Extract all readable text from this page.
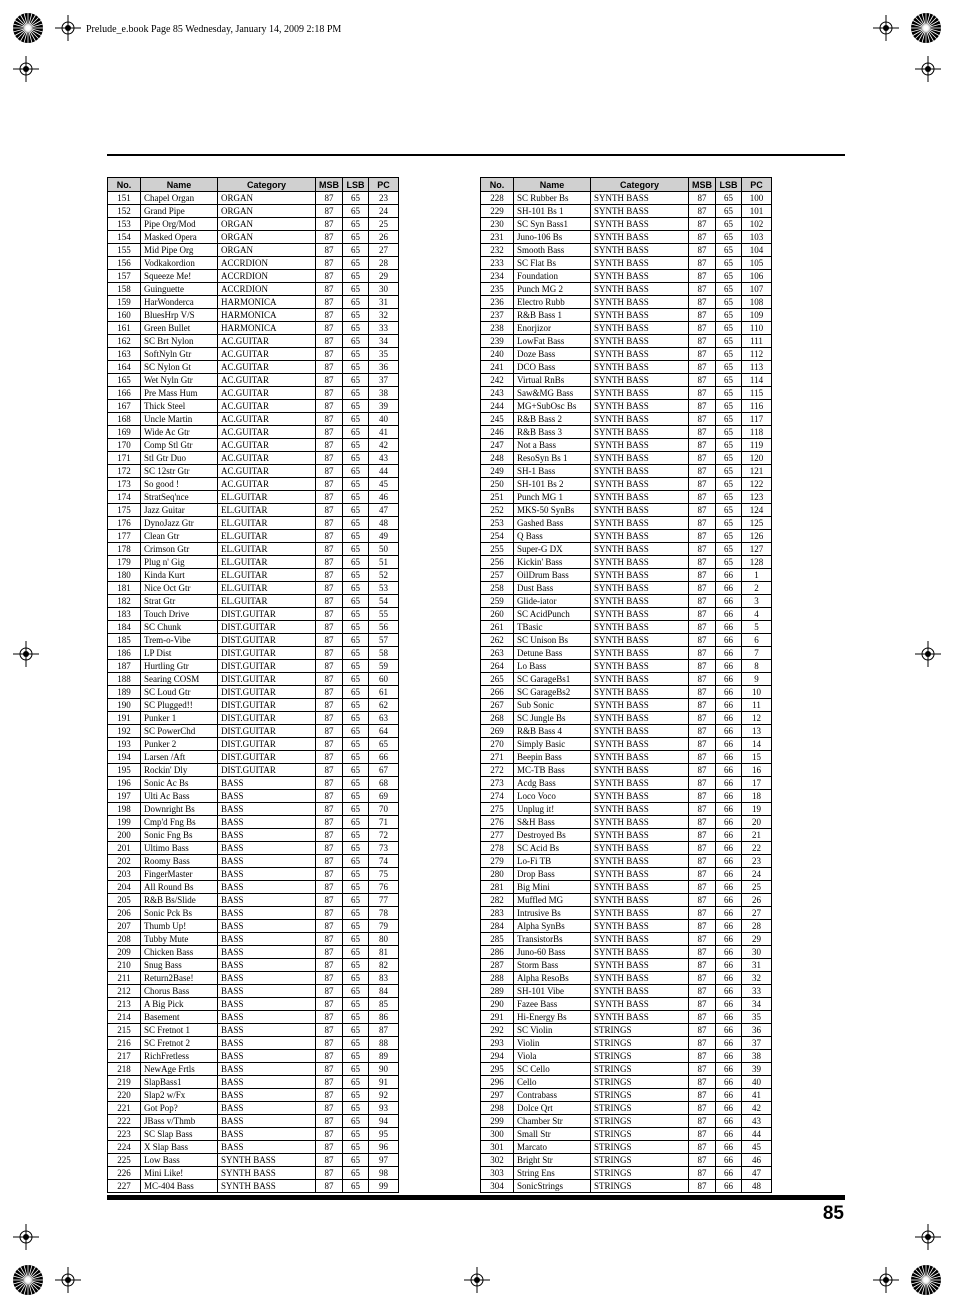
Prelude_e.book Page 85 Wednesday, January 14, 2009 2:18 PM
No.	Name	Category	MSB	LSB	PC
151	Chapel Organ	ORGAN	87	65	23
152	Grand Pipe	ORGAN	87	65	24
153	Pipe Org/Mod	ORGAN	87	65	25
154	Masked Opera	ORGAN	87	65	26
155	Mid Pipe Org	ORGAN	87	65	27
156	Vodkakordion	ACCRDION	87	65	28
157	Squeeze Me!	ACCRDION	87	65	29
158	Guinguette	ACCRDION	87	65	30
159	HarWonderca	HARMONICA	87	65	31
160	BluesHrp V/S	HARMONICA	87	65	32
161	Green Bullet	HARMONICA	87	65	33
162	SC Brt Nylon	AC.GUITAR	87	65	34
163	SoftNyln Gtr	AC.GUITAR	87	65	35
164	SC Nylon Gt	AC.GUITAR	87	65	36
165	Wet Nyln Gtr	AC.GUITAR	87	65	37
166	Pre Mass Hum	AC.GUITAR	87	65	38
167	Thick Steel	AC.GUITAR	87	65	39
168	Uncle Martin	AC.GUITAR	87	65	40
169	Wide Ac Gtr	AC.GUITAR	87	65	41
170	Comp Stl Gtr	AC.GUITAR	87	65	42
171	Stl Gtr Duo	AC.GUITAR	87	65	43
172	SC 12str Gtr	AC.GUITAR	87	65	44
173	So good !	AC.GUITAR	87	65	45
174	StratSeq'nce	EL.GUITAR	87	65	46
175	Jazz Guitar	EL.GUITAR	87	65	47
176	DynoJazz Gtr	EL.GUITAR	87	65	48
177	Clean Gtr	EL.GUITAR	87	65	49
178	Crimson Gtr	EL.GUITAR	87	65	50
179	Plug n' Gig	EL.GUITAR	87	65	51
180	Kinda Kurt	EL.GUITAR	87	65	52
181	Nice Oct Gtr	EL.GUITAR	87	65	53
182	Strat Gtr	EL.GUITAR	87	65	54
183	Touch Drive	DIST.GUITAR	87	65	55
184	SC Chunk	DIST.GUITAR	87	65	56
185	Trem-o-Vibe	DIST.GUITAR	87	65	57
186	LP Dist	DIST.GUITAR	87	65	58
187	Hurtling Gtr	DIST.GUITAR	87	65	59
188	Searing COSM	DIST.GUITAR	87	65	60
189	SC Loud Gtr	DIST.GUITAR	87	65	61
190	SC Plugged!!	DIST.GUITAR	87	65	62
191	Punker 1	DIST.GUITAR	87	65	63
192	SC PowerChd	DIST.GUITAR	87	65	64
193	Punker 2	DIST.GUITAR	87	65	65
194	Larsen /Aft	DIST.GUITAR	87	65	66
195	Rockin' Dly	DIST.GUITAR	87	65	67
196	Sonic Ac Bs	BASS	87	65	68
197	Ulti Ac Bass	BASS	87	65	69
198	Downright Bs	BASS	87	65	70
199	Cmp'd Fng Bs	BASS	87	65	71
200	Sonic Fng Bs	BASS	87	65	72
201	Ultimo Bass	BASS	87	65	73
202	Roomy Bass	BASS	87	65	74
203	FingerMaster	BASS	87	65	75
204	All Round Bs	BASS	87	65	76
205	R&B Bs/Slide	BASS	87	65	77
206	Sonic Pck Bs	BASS	87	65	78
207	Thumb Up!	BASS	87	65	79
208	Tubby Mute	BASS	87	65	80
209	Chicken Bass	BASS	87	65	81
210	Snug Bass	BASS	87	65	82
211	Return2Base!	BASS	87	65	83
212	Chorus Bass	BASS	87	65	84
213	A Big Pick	BASS	87	65	85
214	Basement	BASS	87	65	86
215	SC Fretnot 1	BASS	87	65	87
216	SC Fretnot 2	BASS	87	65	88
217	RichFretless	BASS	87	65	89
218	NewAge Frtls	BASS	87	65	90
219	SlapBass1	BASS	87	65	91
220	Slap2 w/Fx	BASS	87	65	92
221	Got Pop?	BASS	87	65	93
222	JBass v/Thmb	BASS	87	65	94
223	SC Slap Bass	BASS	87	65	95
224	X Slap Bass	BASS	87	65	96
225	Low Bass	SYNTH BASS	87	65	97
226	Mini Like!	SYNTH BASS	87	65	98
227	MC-404 Bass	SYNTH BASS	87	65	99
No.	Name	Category	MSB	LSB	PC
228	SC Rubber Bs	SYNTH BASS	87	65	100
229	SH-101 Bs 1	SYNTH BASS	87	65	101
230	SC Syn Bass1	SYNTH BASS	87	65	102
231	Juno-106 Bs	SYNTH BASS	87	65	103
232	Smooth Bass	SYNTH BASS	87	65	104
233	SC Flat Bs	SYNTH BASS	87	65	105
234	Foundation	SYNTH BASS	87	65	106
235	Punch MG 2	SYNTH BASS	87	65	107
236	Electro Rubb	SYNTH BASS	87	65	108
237	R&B Bass 1	SYNTH BASS	87	65	109
238	Enorjizor	SYNTH BASS	87	65	110
239	LowFat Bass	SYNTH BASS	87	65	111
240	Doze Bass	SYNTH BASS	87	65	112
241	DCO Bass	SYNTH BASS	87	65	113
242	Virtual RnBs	SYNTH BASS	87	65	114
243	Saw&MG Bass	SYNTH BASS	87	65	115
244	MG+SubOsc Bs	SYNTH BASS	87	65	116
245	R&B Bass 2	SYNTH BASS	87	65	117
246	R&B Bass 3	SYNTH BASS	87	65	118
247	Not a Bass	SYNTH BASS	87	65	119
248	ResoSyn Bs 1	SYNTH BASS	87	65	120
249	SH-1 Bass	SYNTH BASS	87	65	121
250	SH-101 Bs 2	SYNTH BASS	87	65	122
251	Punch MG 1	SYNTH BASS	87	65	123
252	MKS-50 SynBs	SYNTH BASS	87	65	124
253	Gashed Bass	SYNTH BASS	87	65	125
254	Q Bass	SYNTH BASS	87	65	126
255	Super-G DX	SYNTH BASS	87	65	127
256	Kickin' Bass	SYNTH BASS	87	65	128
257	OilDrum Bass	SYNTH BASS	87	66	1
258	Dust Bass	SYNTH BASS	87	66	2
259	Glide-iator	SYNTH BASS	87	66	3
260	SC AcidPunch	SYNTH BASS	87	66	4
261	TBasic	SYNTH BASS	87	66	5
262	SC Unison Bs	SYNTH BASS	87	66	6
263	Detune Bass	SYNTH BASS	87	66	7
264	Lo Bass	SYNTH BASS	87	66	8
265	SC GarageBs1	SYNTH BASS	87	66	9
266	SC GarageBs2	SYNTH BASS	87	66	10
267	Sub Sonic	SYNTH BASS	87	66	11
268	SC Jungle Bs	SYNTH BASS	87	66	12
269	R&B Bass 4	SYNTH BASS	87	66	13
270	Simply Basic	SYNTH BASS	87	66	14
271	Beepin Bass	SYNTH BASS	87	66	15
272	MC-TB Bass	SYNTH BASS	87	66	16
273	Acdg Bass	SYNTH BASS	87	66	17
274	Loco Voco	SYNTH BASS	87	66	18
275	Unplug it!	SYNTH BASS	87	66	19
276	S&H Bass	SYNTH BASS	87	66	20
277	Destroyed Bs	SYNTH BASS	87	66	21
278	SC Acid Bs	SYNTH BASS	87	66	22
279	Lo-Fi TB	SYNTH BASS	87	66	23
280	Drop Bass	SYNTH BASS	87	66	24
281	Big Mini	SYNTH BASS	87	66	25
282	Muffled MG	SYNTH BASS	87	66	26
283	Intrusive Bs	SYNTH BASS	87	66	27
284	Alpha SynBs	SYNTH BASS	87	66	28
285	TransistorBs	SYNTH BASS	87	66	29
286	Juno-60 Bass	SYNTH BASS	87	66	30
287	Storm Bass	SYNTH BASS	87	66	31
288	Alpha ResoBs	SYNTH BASS	87	66	32
289	SH-101 Vibe	SYNTH BASS	87	66	33
290	Fazee Bass	SYNTH BASS	87	66	34
291	Hi-Energy Bs	SYNTH BASS	87	66	35
292	SC Violin	STRINGS	87	66	36
293	Violin	STRINGS	87	66	37
294	Viola	STRINGS	87	66	38
295	SC Cello	STRINGS	87	66	39
296	Cello	STRINGS	87	66	40
297	Contrabass	STRINGS	87	66	41
298	Dolce Qrt	STRINGS	87	66	42
299	Chamber Str	STRINGS	87	66	43
300	Small Str	STRINGS	87	66	44
301	Marcato	STRINGS	87	66	45
302	Bright Str	STRINGS	87	66	46
303	String Ens	STRINGS	87	66	47
304	SonicStrings	STRINGS	87	66	48
85
